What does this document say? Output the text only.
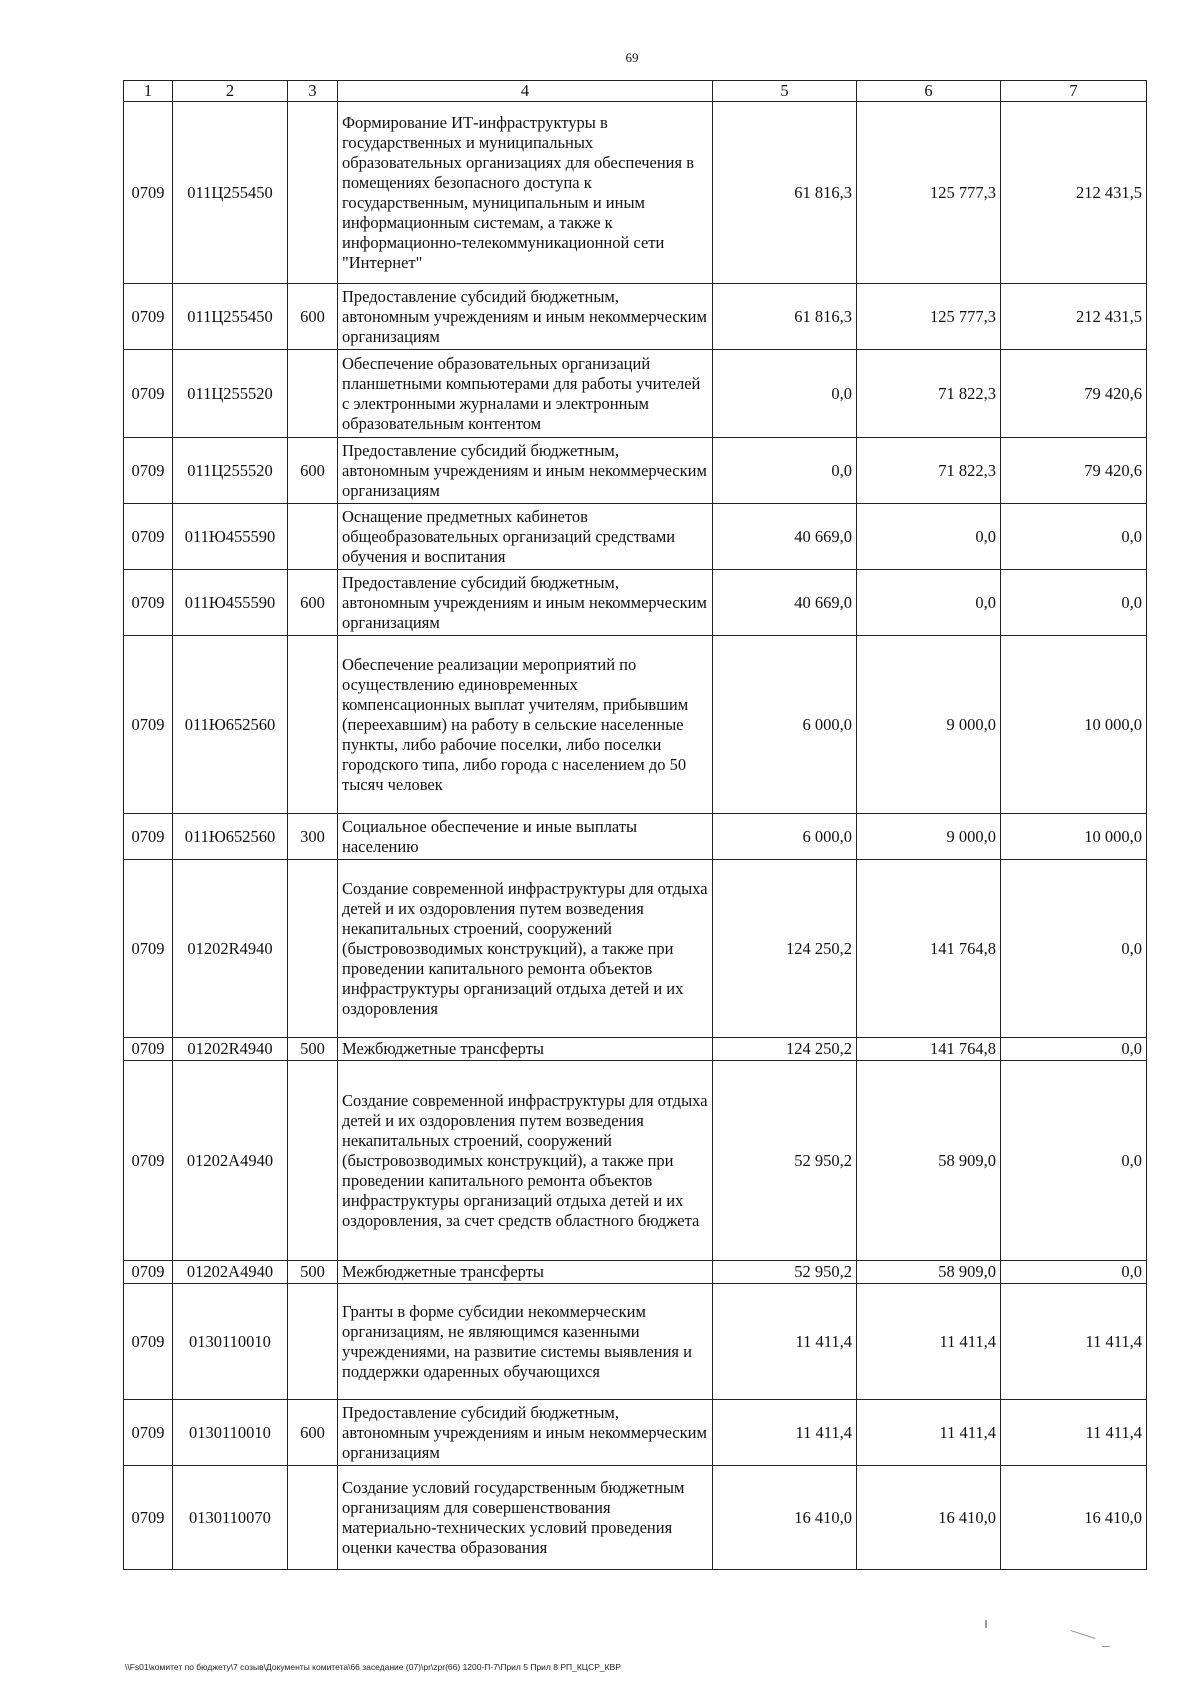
69
1	2	3	4	5	6	7
0709	011Ц255450		Формирование ИТ-инфраструктуры в государственных и муниципальных образовательных организациях для обеспечения в помещениях безопасного доступа к государственным, муниципальным и иным информационным системам, а также к информационно-телекоммуникационной сети "Интернет"	61 816,3	125 777,3	212 431,5
0709	011Ц255450	600	Предоставление субсидий бюджетным, автономным учреждениям и иным некоммерческим организациям	61 816,3	125 777,3	212 431,5
0709	011Ц255520		Обеспечение образовательных организаций планшетными компьютерами для работы учителей с электронными журналами и электронным образовательным контентом	0,0	71 822,3	79 420,6
0709	011Ц255520	600	Предоставление субсидий бюджетным, автономным учреждениям и иным некоммерческим организациям	0,0	71 822,3	79 420,6
0709	011Ю455590		Оснащение предметных кабинетов общеобразовательных организаций средствами обучения и воспитания	40 669,0	0,0	0,0
0709	011Ю455590	600	Предоставление субсидий бюджетным, автономным учреждениям и иным некоммерческим организациям	40 669,0	0,0	0,0
0709	011Ю652560		Обеспечение реализации мероприятий по осуществлению единовременных компенсационных выплат учителям, прибывшим (переехавшим) на работу в сельские населенные пункты, либо рабочие поселки, либо поселки городского типа, либо города с населением до 50 тысяч человек	6 000,0	9 000,0	10 000,0
0709	011Ю652560	300	Социальное обеспечение и иные выплаты населению	6 000,0	9 000,0	10 000,0
0709	01202R4940		Создание современной инфраструктуры для отдыха детей и их оздоровления путем возведения некапитальных строений, сооружений (быстровозводимых конструкций), а также при проведении капитального ремонта объектов инфраструктуры организаций отдыха детей и их оздоровления	124 250,2	141 764,8	0,0
0709	01202R4940	500	Межбюджетные трансферты	124 250,2	141 764,8	0,0
0709	01202A4940		Создание современной инфраструктуры для отдыха детей и их оздоровления путем возведения некапитальных строений, сооружений (быстровозводимых конструкций), а также при проведении капитального ремонта объектов инфраструктуры организаций отдыха детей и их оздоровления, за счет средств областного бюджета	52 950,2	58 909,0	0,0
0709	01202A4940	500	Межбюджетные трансферты	52 950,2	58 909,0	0,0
0709	0130110010		Гранты в форме субсидии некоммерческим организациям, не являющимся казенными учреждениями, на развитие системы выявления и поддержки одаренных обучающихся	11 411,4	11 411,4	11 411,4
0709	0130110010	600	Предоставление субсидий бюджетным, автономным учреждениям и иным некоммерческим организациям	11 411,4	11 411,4	11 411,4
0709	0130110070		Создание условий государственным бюджетным организациям для совершенствования материально-технических условий проведения оценки качества образования	16 410,0	16 410,0	16 410,0
\\Fs01\комитет по бюджету\7 созыв\Документы комитета\66 заседание (07)\pr\zpr(66) 1200-П-7\Прил 5 Прил 8 РП_КЦСР_КВР
